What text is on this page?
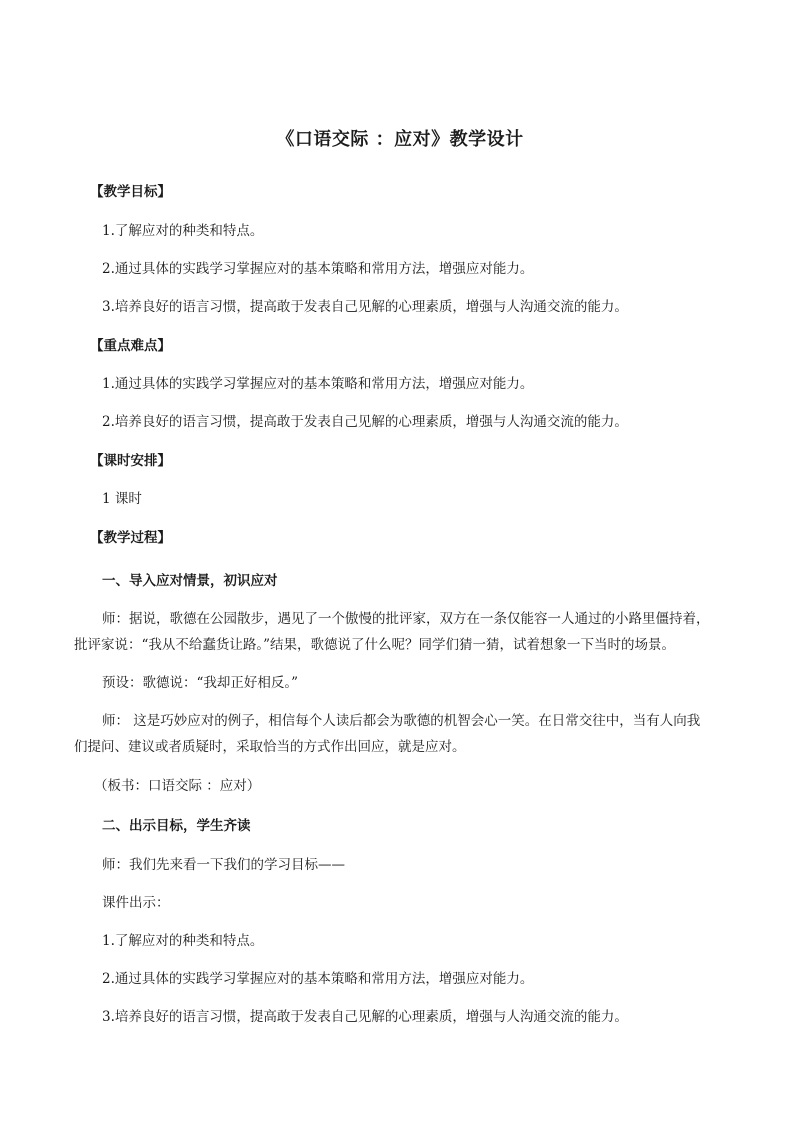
《口语交际 ：应对》教学设计
【教学目标】
1.了解应对的种类和特点。
2.通过具体的实践学习掌握应对的基本策略和常用方法，增强应对能力。
3.培养良好的语言习惯，提高敢于发表自己见解的心理素质，增强与人沟通交流的能力。
【重点难点】
1.通过具体的实践学习掌握应对的基本策略和常用方法，增强应对能力。
2.培养良好的语言习惯，提高敢于发表自己见解的心理素质，增强与人沟通交流的能力。
【课时安排】
1 课时
【教学过程】
一、导入应对情景，初识应对
师：据说，歌德在公园散步，遇见了一个傲慢的批评家，双方在一条仅能容一人通过的小路里僵持着，
批评家说：“我从不给蠢货让路。”结果，歌德说了什么呢？同学们猜一猜，试着想象一下当时的场景。
预设：歌德说：“我却正好相反。”
师： 这是巧妙应对的例子，相信每个人读后都会为歌德的机智会心一笑。在日常交往中，当有人向我
们提问、建议或者质疑时，采取恰当的方式作出回应，就是应对。
（板书：口语交际 ：应对）
二、出示目标，学生齐读
师：我们先来看一下我们的学习目标——
课件出示：
1.了解应对的种类和特点。
2.通过具体的实践学习掌握应对的基本策略和常用方法，增强应对能力。
3.培养良好的语言习惯，提高敢于发表自己见解的心理素质，增强与人沟通交流的能力。
